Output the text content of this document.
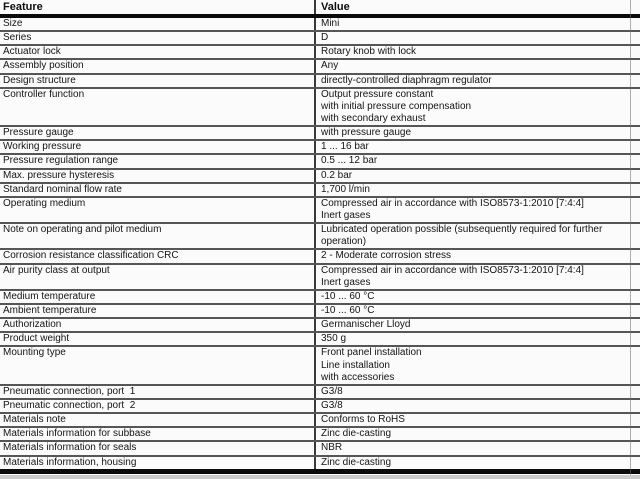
Feature	Value

Size	Mini

Series	D

Actuator lock	Rotary knob with lock

Assembly position	Any

Design structure	directly-controlled diaphragm regulator

Controller function	Output pressure constant
with initial pressure compensation
with secondary exhaust

Pressure gauge	with pressure gauge

Working pressure	1 ... 16 bar

Pressure regulation range	0.5 ... 12 bar

Max. pressure hysteresis	0.2 bar

Standard nominal flow rate	1,700 l/min

Operating medium	Compressed air in accordance with ISO8573-1:2010 [7:4:4]
Inert gases

Note on operating and pilot medium	Lubricated operation possible (subsequently required for further
operation)

Corrosion resistance classification CRC	2 - Moderate corrosion stress

Air purity class at output	Compressed air in accordance with ISO8573-1:2010 [7:4:4]
Inert gases

Medium temperature	-10 ... 60 °C

Ambient temperature	-10 ... 60 °C

Authorization	Germanischer Lloyd

Product weight	350 g

Mounting type	Front panel installation
Line installation
with accessories

Pneumatic connection, port  1	G3/8

Pneumatic connection, port  2	G3/8

Materials note	Conforms to RoHS

Materials information for subbase	Zinc die-casting

Materials information for seals	NBR

Materials information, housing	Zinc die-casting
